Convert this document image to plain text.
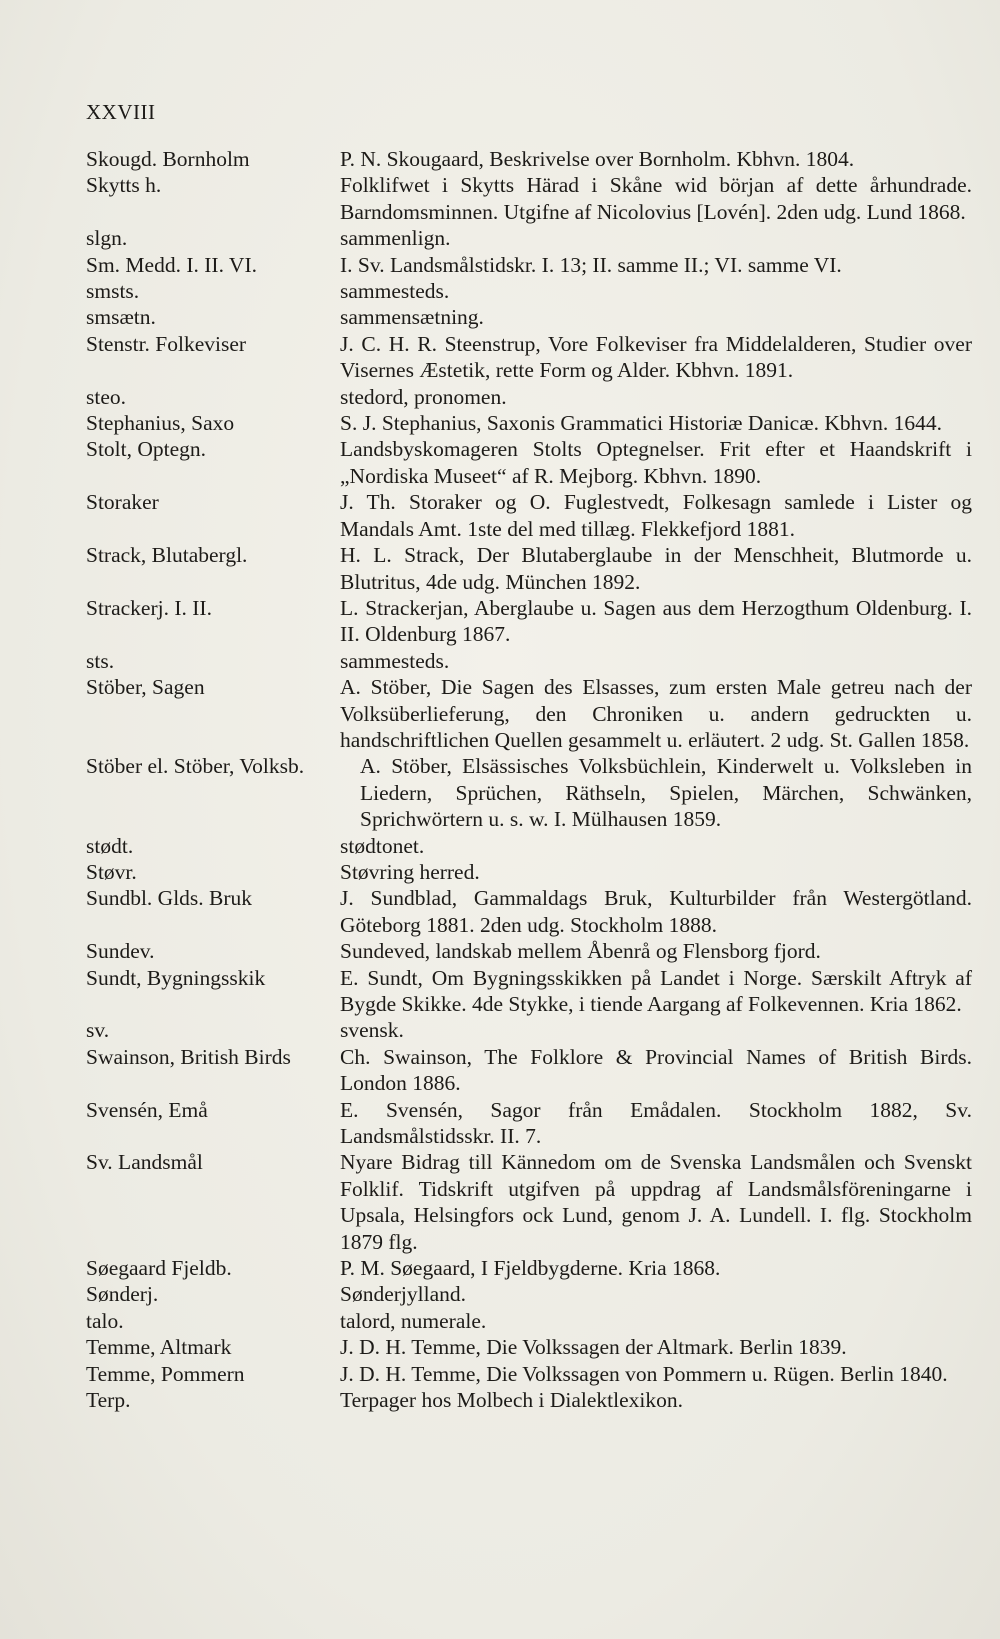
XXVIII
Skougd. Bornholm	P. N. Skougaard, Beskrivelse over Bornholm. Kbhvn. 1804.
Skytts h.	Folklifwet i Skytts Härad i Skåne wid början af dette århundrade. Barndomsminnen. Utgifne af Nicolovius [Lovén]. 2den udg. Lund 1868.
slgn.	sammenlign.
Sm. Medd. I. II. VI.	I. Sv. Landsmålstidskr. I. 13; II. samme II.; VI. samme VI.
smsts.	sammesteds.
smsætn.	sammensætning.
Stenstr. Folkeviser	J. C. H. R. Steenstrup, Vore Folkeviser fra Middelalderen, Studier over Visernes Æstetik, rette Form og Alder. Kbhvn. 1891.
steo.	stedord, pronomen.
Stephanius, Saxo	S. J. Stephanius, Saxonis Grammatici Historiæ Danicæ. Kbhvn. 1644.
Stolt, Optegn.	Landsbyskomageren Stolts Optegnelser. Frit efter et Haandskrift i „Nordiska Museet“ af R. Mejborg. Kbhvn. 1890.
Storaker	J. Th. Storaker og O. Fuglestvedt, Folkesagn samlede i Lister og Mandals Amt. 1ste del med tillæg. Flekkefjord 1881.
Strack, Blutabergl.	H. L. Strack, Der Blutaberglaube in der Menschheit, Blutmorde u. Blutritus, 4de udg. München 1892.
Strackerj. I. II.	L. Strackerjan, Aberglaube u. Sagen aus dem Herzogthum Oldenburg. I. II. Oldenburg 1867.
sts.	sammesteds.
Stöber, Sagen	A. Stöber, Die Sagen des Elsasses, zum ersten Male getreu nach der Volksüberlieferung, den Chroniken u. andern gedruckten u. handschriftlichen Quellen gesammelt u. erläutert. 2 udg. St. Gallen 1858.
Stöber el. Stöber, Volksb.	A. Stöber, Elsässisches Volksbüchlein, Kinderwelt u. Volksleben in Liedern, Sprüchen, Räthseln, Spielen, Märchen, Schwänken, Sprichwörtern u. s. w. I. Mülhausen 1859.
stødt.	stødtonet.
Støvr.	Støvring herred.
Sundbl. Glds. Bruk	J. Sundblad, Gammaldags Bruk, Kulturbilder från Westergötland. Göteborg 1881. 2den udg. Stockholm 1888.
Sundev.	Sundeved, landskab mellem Åbenrå og Flensborg fjord.
Sundt, Bygningsskik	E. Sundt, Om Bygningsskikken på Landet i Norge. Særskilt Aftryk af Bygde Skikke. 4de Stykke, i tiende Aargang af Folkevennen. Kria 1862.
sv.	svensk.
Swainson, British Birds	Ch. Swainson, The Folklore & Provincial Names of British Birds. London 1886.
Svensén, Emå	E. Svensén, Sagor från Emådalen. Stockholm 1882, Sv. Landsmålstidsskr. II. 7.
Sv. Landsmål	Nyare Bidrag till Kännedom om de Svenska Landsmålen och Svenskt Folklif. Tidskrift utgifven på uppdrag af Landsmålsföreningarne i Upsala, Helsingfors ock Lund, genom J. A. Lundell. I. flg. Stockholm 1879 flg.
Søegaard Fjeldb.	P. M. Søegaard, I Fjeldbygderne. Kria 1868.
Sønderj.	Sønderjylland.
talo.	talord, numerale.
Temme, Altmark	J. D. H. Temme, Die Volkssagen der Altmark. Berlin 1839.
Temme, Pommern	J. D. H. Temme, Die Volkssagen von Pommern u. Rügen. Berlin 1840.
Terp.	Terpager hos Molbech i Dialektlexikon.
